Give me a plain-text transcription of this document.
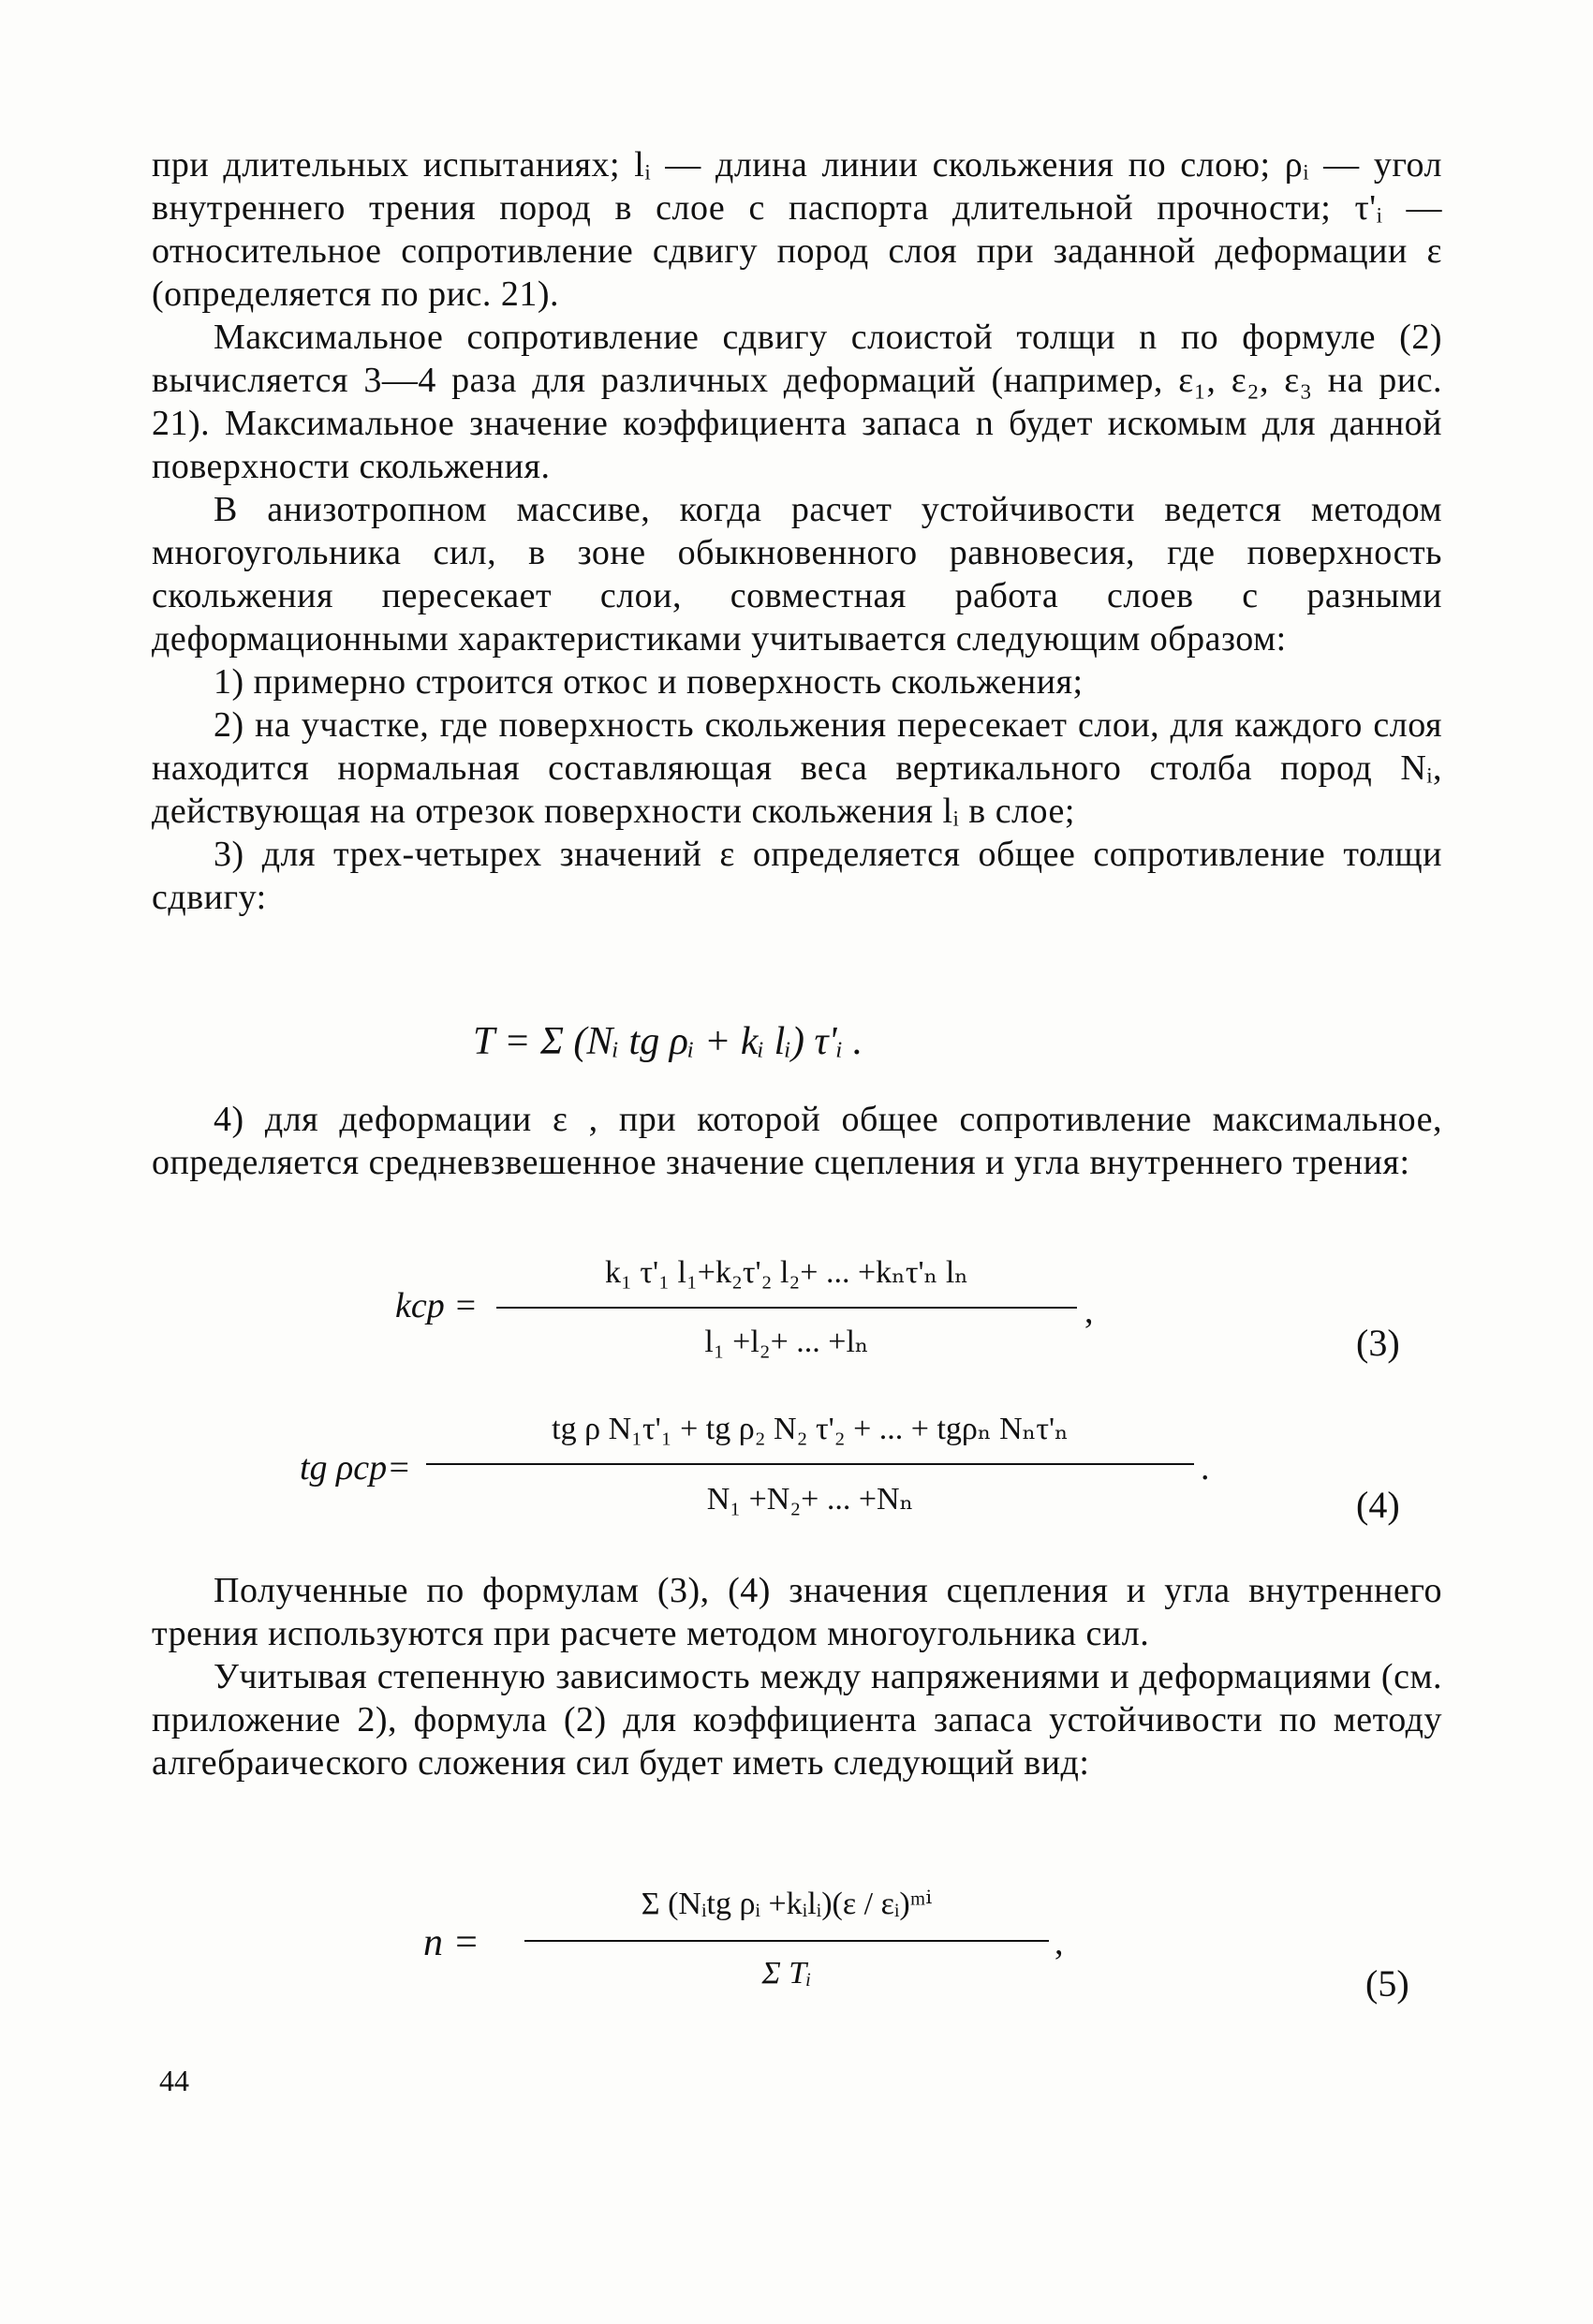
при длительных испытаниях; lᵢ — длина линии скольжения по слою; ρᵢ — угол внутреннего трения пород в слое с паспорта длительной прочности; τ'ᵢ — относительное сопротивление сдвигу пород слоя при заданной деформации ε (определяется по рис. 21).

Максимальное сопротивление сдвигу слоистой толщи n по формуле (2) вычисляется 3—4 раза для различных деформаций (например, ε₁, ε₂, ε₃ на рис. 21). Максимальное значение коэффициента запаса n будет искомым для данной поверхности скольжения.

В анизотропном массиве, когда расчет устойчивости ведется методом многоугольника сил, в зоне обыкновенного равновесия, где поверхность скольжения пересекает слои, совместная работа слоев с разными деформационными характеристиками учитывается следующим образом:

1) примерно строится откос и поверхность скольжения;

2) на участке, где поверхность скольжения пересекает слои, для каждого слоя находится нормальная составляющая веса вертикального столба пород Nᵢ, действующая на отрезок поверхности скольжения lᵢ в слое;

3) для трех-четырех значений ε определяется общее сопротивление толщи сдвигу:

T = Σ (Nᵢ tg ρᵢ + kᵢ lᵢ) τ'ᵢ .

4) для деформации ε , при которой общее сопротивление максимальное, определяется средневзвешенное значение сцепления и угла внутреннего трения:

kср =
k₁ τ'₁ l₁+k₂τ'₂ l₂+ ... +kₙτ'ₙ lₙ
l₁ +l₂+ ... +lₙ
,
(3)
tg ρср=
tg ρ N₁τ'₁ + tg ρ₂ N₂ τ'₂ + ... + tgρₙ Nₙτ'ₙ
N₁ +N₂+ ... +Nₙ
.
(4)

Полученные по формулам (3), (4) значения сцепления и угла внутреннего трения используются при расчете методом многоугольника сил.

Учитывая степенную зависимость между напряжениями и деформациями (см. приложение 2), формула (2) для коэффициента запаса устойчивости по методу алгебраического сложения сил будет иметь следующий вид:

n =
Σ (Nᵢtg ρᵢ +kᵢlᵢ)(ε / εᵢ)ᵐⁱ
Σ Tᵢ
,
(5)
44
